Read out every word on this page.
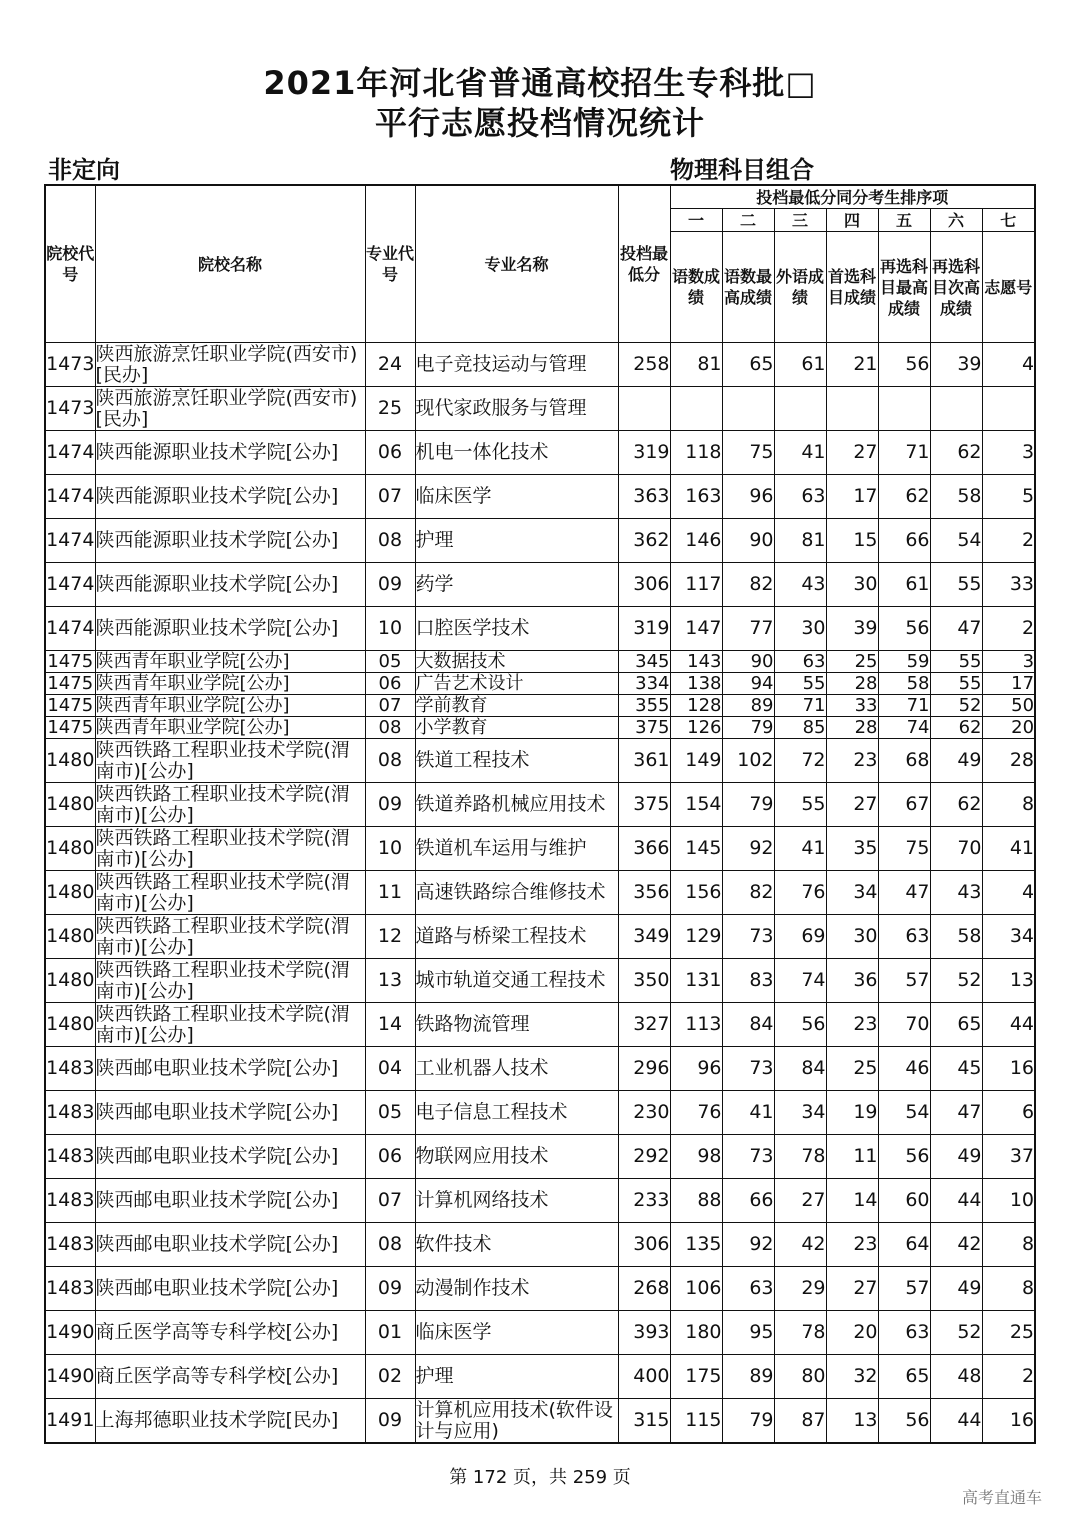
2021年河北省普通高校招生专科批□
平行志愿投档情况统计
非定向	物理科目组合
院校代号	院校名称	专业代号	专业名称	投档最低分	投档最低分同分考生排序项						
					一	二	三	四	五	六	七
					语数成绩	语数最高成绩	外语成绩	首选科目成绩	再选科目最高成绩	再选科目次高成绩	志愿号
1473	陕西旅游烹饪职业学院(西安市)[民办]	24	电子竞技运动与管理	258	81	65	61	21	56	39	4
1473	陕西旅游烹饪职业学院(西安市)[民办]	25	现代家政服务与管理								
1474	陕西能源职业技术学院[公办]	06	机电一体化技术	319	118	75	41	27	71	62	3
1474	陕西能源职业技术学院[公办]	07	临床医学	363	163	96	63	17	62	58	5
1474	陕西能源职业技术学院[公办]	08	护理	362	146	90	81	15	66	54	2
1474	陕西能源职业技术学院[公办]	09	药学	306	117	82	43	30	61	55	33
1474	陕西能源职业技术学院[公办]	10	口腔医学技术	319	147	77	30	39	56	47	2
1475	陕西青年职业学院[公办]	05	大数据技术	345	143	90	63	25	59	55	3
1475	陕西青年职业学院[公办]	06	广告艺术设计	334	138	94	55	28	58	55	17
1475	陕西青年职业学院[公办]	07	学前教育	355	128	89	71	33	71	52	50
1475	陕西青年职业学院[公办]	08	小学教育	375	126	79	85	28	74	62	20
1480	陕西铁路工程职业技术学院(渭南市)[公办]	08	铁道工程技术	361	149	102	72	23	68	49	28
1480	陕西铁路工程职业技术学院(渭南市)[公办]	09	铁道养路机械应用技术	375	154	79	55	27	67	62	8
1480	陕西铁路工程职业技术学院(渭南市)[公办]	10	铁道机车运用与维护	366	145	92	41	35	75	70	41
1480	陕西铁路工程职业技术学院(渭南市)[公办]	11	高速铁路综合维修技术	356	156	82	76	34	47	43	4
1480	陕西铁路工程职业技术学院(渭南市)[公办]	12	道路与桥梁工程技术	349	129	73	69	30	63	58	34
1480	陕西铁路工程职业技术学院(渭南市)[公办]	13	城市轨道交通工程技术	350	131	83	74	36	57	52	13
1480	陕西铁路工程职业技术学院(渭南市)[公办]	14	铁路物流管理	327	113	84	56	23	70	65	44
1483	陕西邮电职业技术学院[公办]	04	工业机器人技术	296	96	73	84	25	46	45	16
1483	陕西邮电职业技术学院[公办]	05	电子信息工程技术	230	76	41	34	19	54	47	6
1483	陕西邮电职业技术学院[公办]	06	物联网应用技术	292	98	73	78	11	56	49	37
1483	陕西邮电职业技术学院[公办]	07	计算机网络技术	233	88	66	27	14	60	44	10
1483	陕西邮电职业技术学院[公办]	08	软件技术	306	135	92	42	23	64	42	8
1483	陕西邮电职业技术学院[公办]	09	动漫制作技术	268	106	63	29	27	57	49	8
1490	商丘医学高等专科学校[公办]	01	临床医学	393	180	95	78	20	63	52	25
1490	商丘医学高等专科学校[公办]	02	护理	400	175	89	80	32	65	48	2
1491	上海邦德职业技术学院[民办]	09	计算机应用技术(软件设计与应用)	315	115	79	87	13	56	44	16
第 172 页，共 259 页
高考直通车
